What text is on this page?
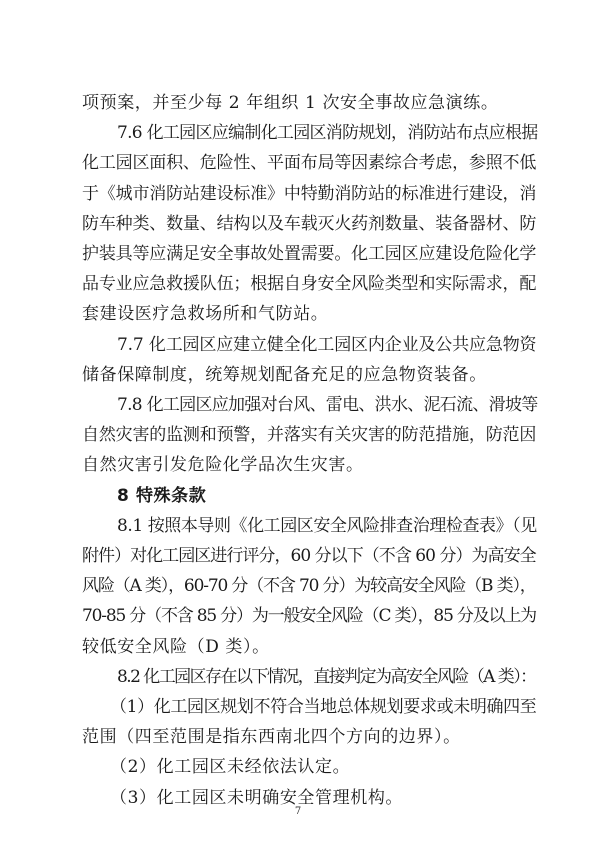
项预案，并至少每 2 年组织 1 次安全事故应急演练。
7.6 化工园区应编制化工园区消防规划，消防站布点应根据
化工园区面积、危险性、平面布局等因素综合考虑，参照不低
于《城市消防站建设标准》中特勤消防站的标准进行建设，消
防车种类、数量、结构以及车载灭火药剂数量、装备器材、防
护装具等应满足安全事故处置需要。化工园区应建设危险化学
品专业应急救援队伍；根据自身安全风险类型和实际需求，配
套建设医疗急救场所和气防站。
7.7 化工园区应建立健全化工园区内企业及公共应急物资
储备保障制度，统筹规划配备充足的应急物资装备。
7.8 化工园区应加强对台风、雷电、洪水、泥石流、滑坡等
自然灾害的监测和预警，并落实有关灾害的防范措施，防范因
自然灾害引发危险化学品次生灾害。
8 特殊条款
8.1 按照本导则《化工园区安全风险排查治理检查表》（见
附件）对化工园区进行评分，60 分以下（不含 60 分）为高安全
风险（A 类），60-70 分（不含 70 分）为较高安全风险（B 类），
70-85 分（不含 85 分）为一般安全风险（C 类），85 分及以上为
较低安全风险（D 类）。
8.2 化工园区存在以下情况，直接判定为高安全风险（A 类）：
（1）化工园区规划不符合当地总体规划要求或未明确四至
范围（四至范围是指东西南北四个方向的边界）。
（2）化工园区未经依法认定。
（3）化工园区未明确安全管理机构。
7
